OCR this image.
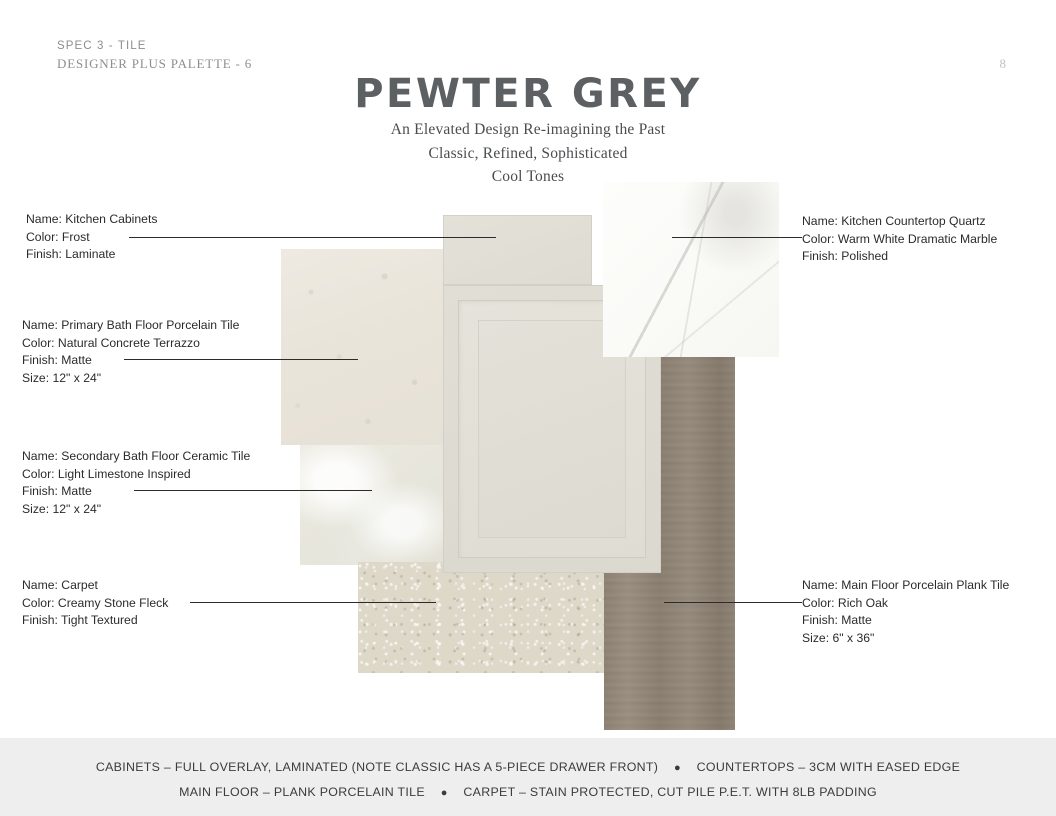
SPEC 3 - TILE
DESIGNER PLUS PALETTE - 6	8
PEWTER GREY
An Elevated Design Re-imagining the Past
Classic, Refined, Sophisticated
Cool Tones
Name: Kitchen Cabinets
Color: Frost
Finish: Laminate
Name: Primary Bath Floor Porcelain Tile
Color: Natural Concrete Terrazzo
Finish: Matte
Size: 12" x 24"
Name: Secondary Bath Floor Ceramic Tile
Color: Light Limestone Inspired
Finish: Matte
Size: 12" x 24"
Name: Carpet
Color: Creamy Stone Fleck
Finish: Tight Textured
Name: Kitchen Countertop Quartz
Color: Warm White Dramatic Marble
Finish: Polished
Name: Main Floor Porcelain Plank Tile
Color: Rich Oak
Finish: Matte
Size: 6" x 36"
CABINETS – FULL OVERLAY, LAMINATED (NOTE CLASSIC HAS A 5-PIECE DRAWER FRONT) ● COUNTERTOPS – 3CM WITH EASED EDGE
MAIN FLOOR – PLANK PORCELAIN TILE ● CARPET – STAIN PROTECTED, CUT PILE P.E.T. WITH 8LB PADDING
